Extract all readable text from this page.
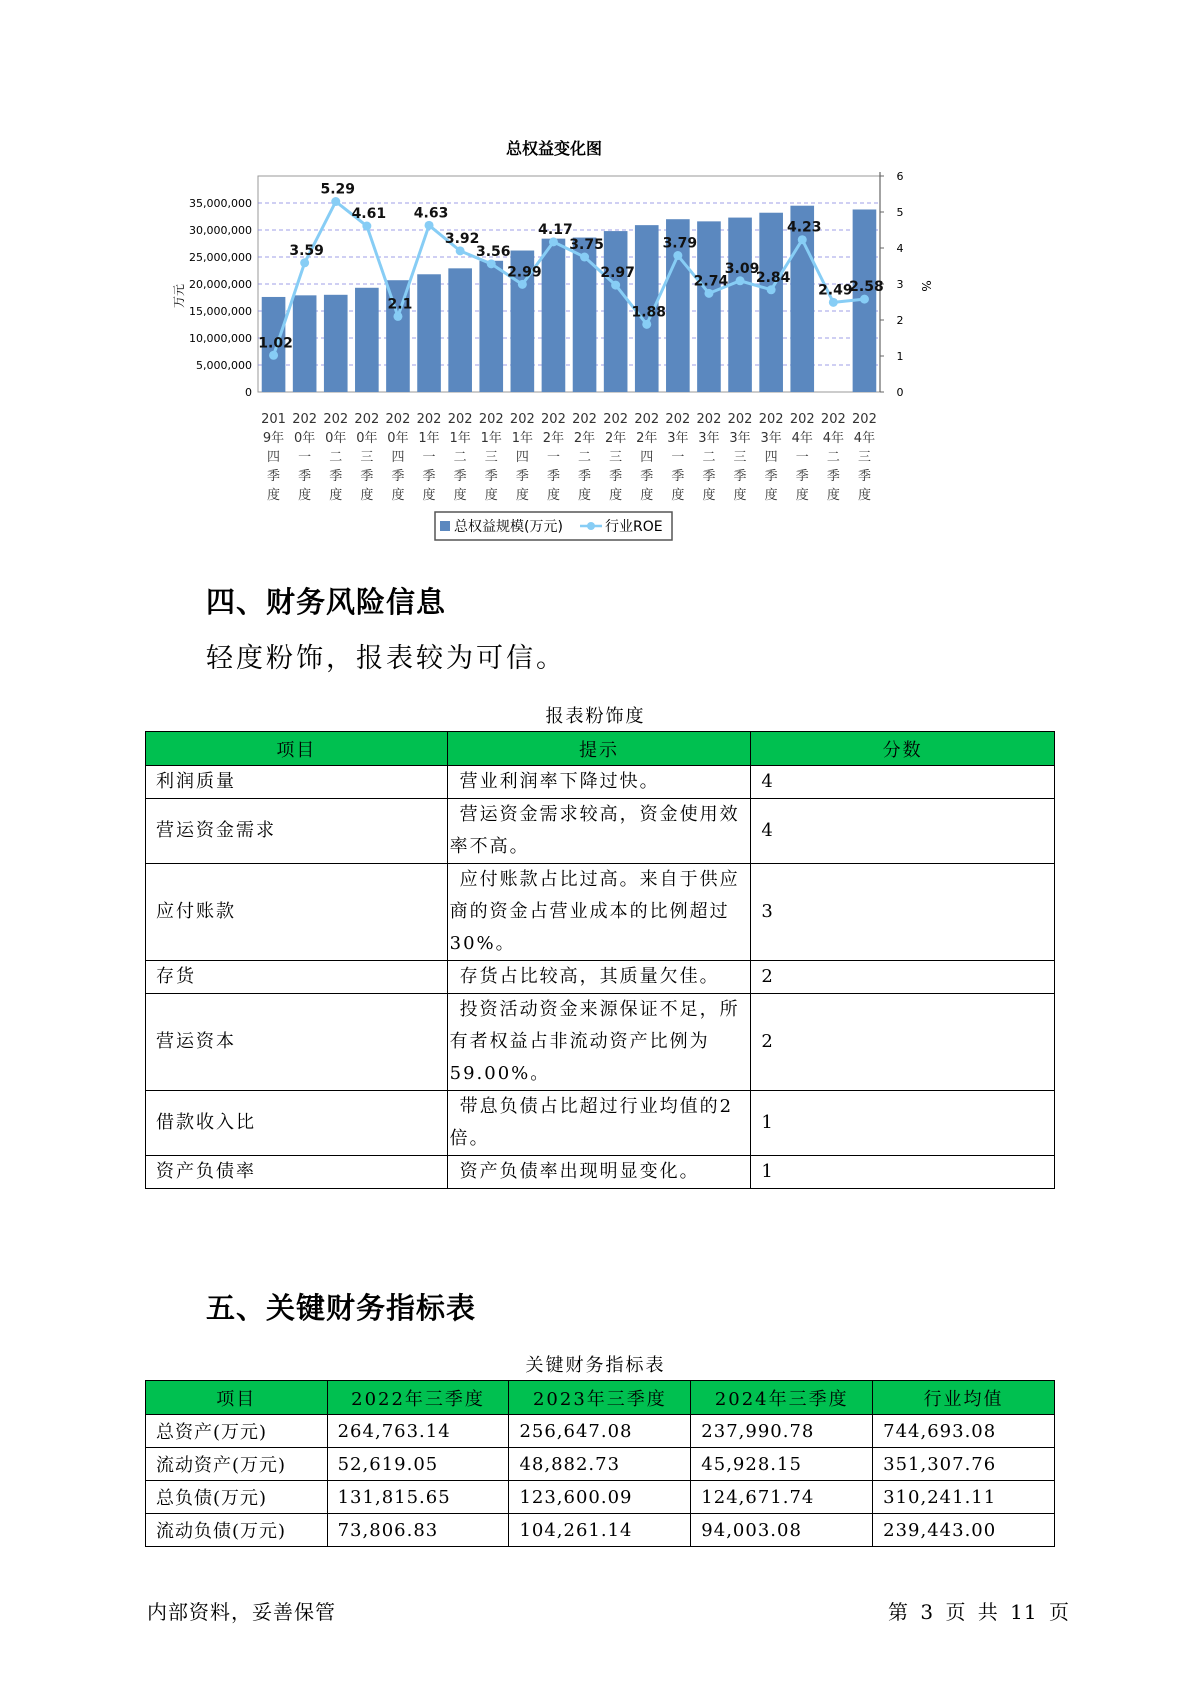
总权益变化图
0
5,000,000
10,000,000
15,000,000
20,000,000
25,000,000
30,000,000
35,000,000
0
1
2
3
4
5
6
1.02
3.59
5.29
4.61
2.1
4.63
3.92
3.56
2.99
4.17
3.75
2.97
1.88
3.79
2.74
3.09
2.84
4.23
2.49
2.58
201
9年
四
季
度
202
0年
一
季
度
202
0年
二
季
度
202
0年
三
季
度
202
0年
四
季
度
202
1年
一
季
度
202
1年
二
季
度
202
1年
三
季
度
202
1年
四
季
度
202
2年
一
季
度
202
2年
二
季
度
202
2年
三
季
度
202
2年
四
季
度
202
3年
一
季
度
202
3年
二
季
度
202
3年
三
季
度
202
3年
四
季
度
202
4年
一
季
度
202
4年
二
季
度
202
4年
三
季
度
万元	%
总权益规模(万元)	行业ROE
四、财务风险信息
轻度粉饰，报表较为可信。
报表粉饰度
项目	提示	分数
利润质量	营业利润率下降过快。	4
营运资金需求	营运资金需求较高，资金使用效率不高。	4
应付账款	应付账款占比过高。来自于供应商的资金占营业成本的比例超过30%。	3
存货	存货占比较高，其质量欠佳。	2
营运资本	投资活动资金来源保证不足，所有者权益占非流动资产比例为59.00%。	2
借款收入比	带息负债占比超过行业均值的2倍。	1
资产负债率	资产负债率出现明显变化。	1
五、关键财务指标表
关键财务指标表
项目	2022年三季度	2023年三季度	2024年三季度	行业均值
总资产(万元)	264,763.14	256,647.08	237,990.78	744,693.08
流动资产(万元)	52,619.05	48,882.73	45,928.15	351,307.76
总负债(万元)	131,815.65	123,600.09	124,671.74	310,241.11
流动负债(万元)	73,806.83	104,261.14	94,003.08	239,443.00
内部资料，妥善保管	第 3 页 共 11 页
